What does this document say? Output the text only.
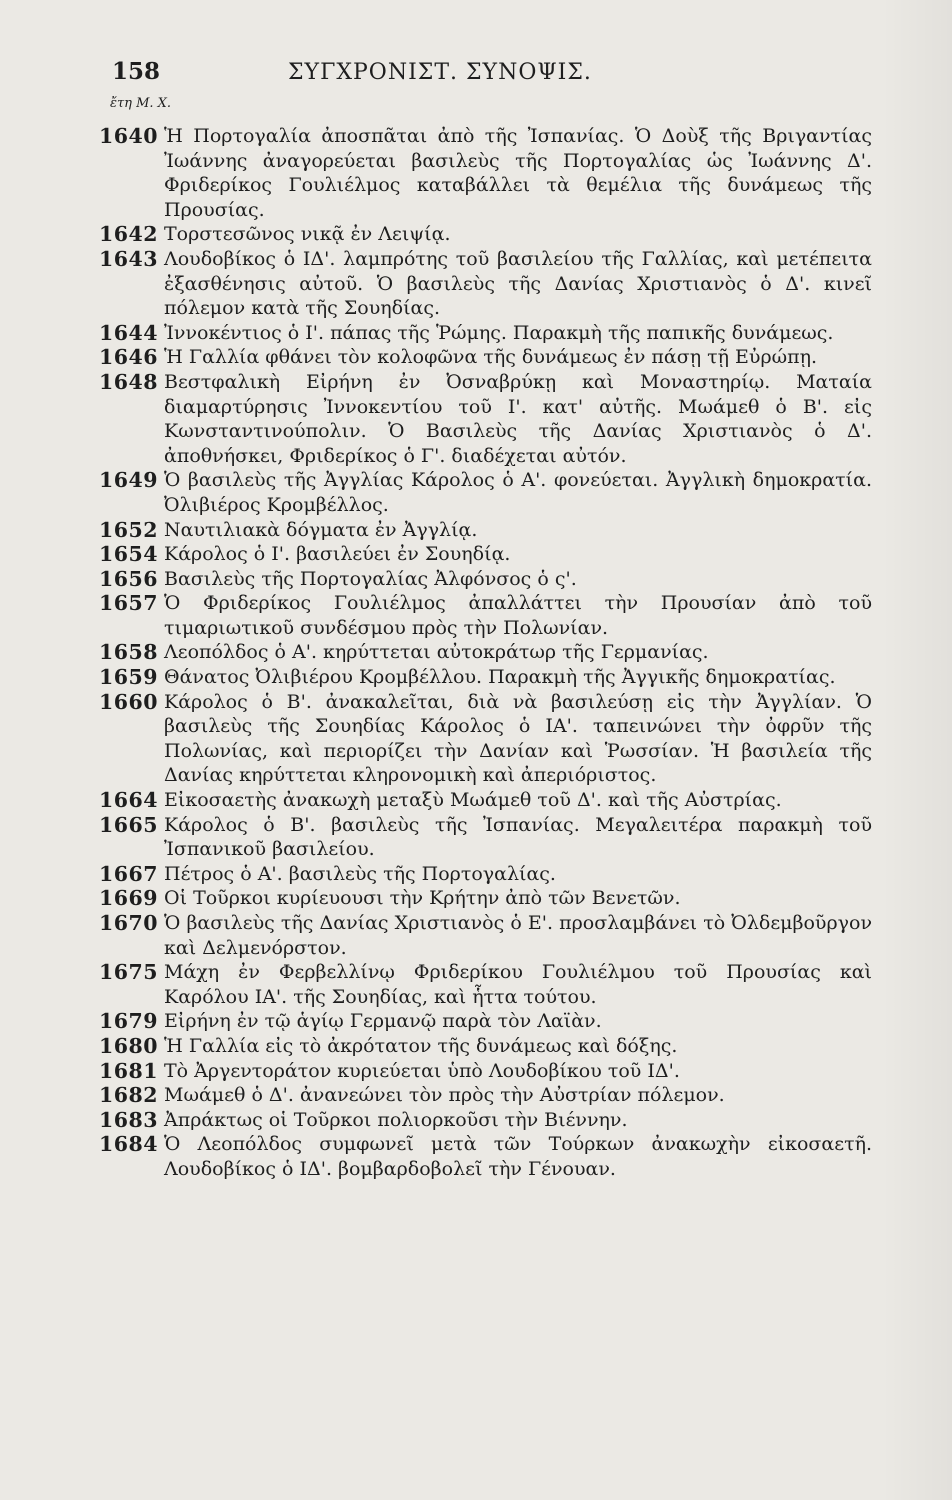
158	ΣΥΓΧΡΟΝΙΣΤ. ΣΥΝΟΨΙΣ.
ἔτη Μ. Χ.
1640 Ἡ Πορτογαλία ἀποσπᾶται ἀπὸ τῆς Ἰσπανίας. Ὁ Δοὺξ τῆς Βριγαντίας Ἰωάννης ἀναγορεύεται βασιλεὺς τῆς Πορτογαλίας ὡς Ἰωάννης Δ'. Φριδερίκος Γουλιέλμος καταβάλλει τὰ θεμέλια τῆς δυνάμεως τῆς Προυσίας.
1642 Τορστεσῶνος νικᾷ ἐν Λειψίᾳ.
1643 Λουδοβίκος ὁ ΙΔ'. λαμπρότης τοῦ βασιλείου τῆς Γαλλίας, καὶ μετέπειτα ἐξασθένησις αὐτοῦ. Ὁ βασιλεὺς τῆς Δανίας Χριστιανὸς ὁ Δ'. κινεῖ πόλεμον κατὰ τῆς Σουηδίας.
1644 Ἰννοκέντιος ὁ Ι'. πάπας τῆς Ῥώμης. Παρακμὴ τῆς παπικῆς δυνάμεως.
1646 Ἡ Γαλλία φθάνει τὸν κολοφῶνα τῆς δυνάμεως ἐν πάσῃ τῇ Εὐρώπῃ.
1648 Βεστφαλικὴ Εἰρήνη ἐν Ὀσναβρύκῃ καὶ Μοναστηρίῳ. Ματαία διαμαρτύρησις Ἰννοκεντίου τοῦ Ι'. κατ' αὐτῆς. Μωάμεθ ὁ Β'. εἰς Κωνσταντινούπολιν. Ὁ Βασιλεὺς τῆς Δανίας Χριστιανὸς ὁ Δ'. ἀποθνήσκει, Φριδερίκος ὁ Γ'. διαδέχεται αὐτόν.
1649 Ὁ βασιλεὺς τῆς Ἀγγλίας Κάρολος ὁ Α'. φονεύεται. Ἀγγλικὴ δημοκρατία. Ὀλιβιέρος Κρομβέλλος.
1652 Ναυτιλιακὰ δόγματα ἐν Ἀγγλίᾳ.
1654 Κάρολος ὁ Ι'. βασιλεύει ἐν Σουηδίᾳ.
1656 Βασιλεὺς τῆς Πορτογαλίας Ἀλφόνσος ὁ ς'.
1657 Ὁ Φριδερίκος Γουλιέλμος ἀπαλλάττει τὴν Προυσίαν ἀπὸ τοῦ τιμαριωτικοῦ συνδέσμου πρὸς τὴν Πολωνίαν.
1658 Λεοπόλδος ὁ Α'. κηρύττεται αὐτοκράτωρ τῆς Γερμανίας.
1659 Θάνατος Ὀλιβιέρου Κρομβέλλου. Παρακμὴ τῆς Ἀγγικῆς δημοκρατίας.
1660 Κάρολος ὁ Β'. ἀνακαλεῖται, διὰ νὰ βασιλεύσῃ εἰς τὴν Ἀγγλίαν. Ὁ βασιλεὺς τῆς Σουηδίας Κάρολος ὁ ΙΑ'. ταπεινώνει τὴν ὀφρῦν τῆς Πολωνίας, καὶ περιορίζει τὴν Δανίαν καὶ Ῥωσσίαν. Ἡ βασιλεία τῆς Δανίας κηρύττεται κληρονομικὴ καὶ ἀπεριόριστος.
1664 Εἰκοσαετὴς ἀνακωχὴ μεταξὺ Μωάμεθ τοῦ Δ'. καὶ τῆς Αὐστρίας.
1665 Κάρολος ὁ Β'. βασιλεὺς τῆς Ἰσπανίας. Μεγαλειτέρα παρακμὴ τοῦ Ἰσπανικοῦ βασιλείου.
1667 Πέτρος ὁ Α'. βασιλεὺς τῆς Πορτογαλίας.
1669 Οἱ Τοῦρκοι κυρίευουσι τὴν Κρήτην ἀπὸ τῶν Βενετῶν.
1670 Ὁ βασιλεὺς τῆς Δανίας Χριστιανὸς ὁ Ε'. προσλαμβάνει τὸ Ὀλδεμβοῦργον καὶ Δελμενόρστον.
1675 Μάχη ἐν Φερβελλίνῳ Φριδερίκου Γουλιέλμου τοῦ Προυσίας καὶ Καρόλου ΙΑ'. τῆς Σουηδίας, καὶ ἧττα τούτου.
1679 Εἰρήνη ἐν τῷ ἁγίῳ Γερμανῷ παρὰ τὸν Λαϊὰν.
1680 Ἡ Γαλλία εἰς τὸ ἀκρότατον τῆς δυνάμεως καὶ δόξης.
1681 Τὸ Ἀργεντοράτον κυριεύεται ὑπὸ Λουδοβίκου τοῦ ΙΔ'.
1682 Μωάμεθ ὁ Δ'. ἀνανεώνει τὸν πρὸς τὴν Αὐστρίαν πόλεμον.
1683 Ἀπράκτως οἱ Τοῦρκοι πολιορκοῦσι τὴν Βιέννην.
1684 Ὁ Λεοπόλδος συμφωνεῖ μετὰ τῶν Τούρκων ἀνακωχὴν εἰκοσαετῆ. Λουδοβίκος ὁ ΙΔ'. βομβαρδοβολεῖ τὴν Γένουαν.
